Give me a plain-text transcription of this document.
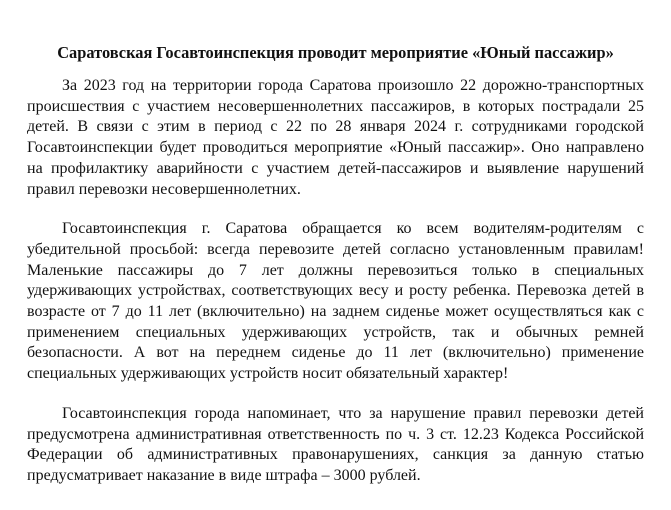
Саратовская Госавтоинспекция проводит мероприятие «Юный пассажир»

За 2023 год на территории города Саратова произошло 22 дорожно-транспортных происшествия с участием несовершеннолетних пассажиров, в которых пострадали 25 детей. В связи с этим в период с 22 по 28 января 2024 г. сотрудниками городской Госавтоинспекции будет проводиться мероприятие «Юный пассажир». Оно направлено на профилактику аварийности с участием детей-пассажиров и выявление нарушений правил перевозки несовершеннолетних.

Госавтоинспекция г. Саратова обращается ко всем водителям-родителям с убедительной просьбой: всегда перевозите детей согласно установленным правилам! Маленькие пассажиры до 7 лет должны перевозиться только в специальных удерживающих устройствах, соответствующих весу и росту ребенка. Перевозка детей в возрасте от 7 до 11 лет (включительно) на заднем сиденье может осуществляться как с применением специальных удерживающих устройств, так и обычных ремней безопасности. А вот на переднем сиденье до 11 лет (включительно) применение специальных удерживающих устройств носит обязательный характер!

Госавтоинспекция города напоминает, что за нарушение правил перевозки детей предусмотрена административная ответственность по ч. 3 ст. 12.23 Кодекса Российской Федерации об административных правонарушениях, санкция за данную статью предусматривает наказание в виде штрафа – 3000 рублей.
